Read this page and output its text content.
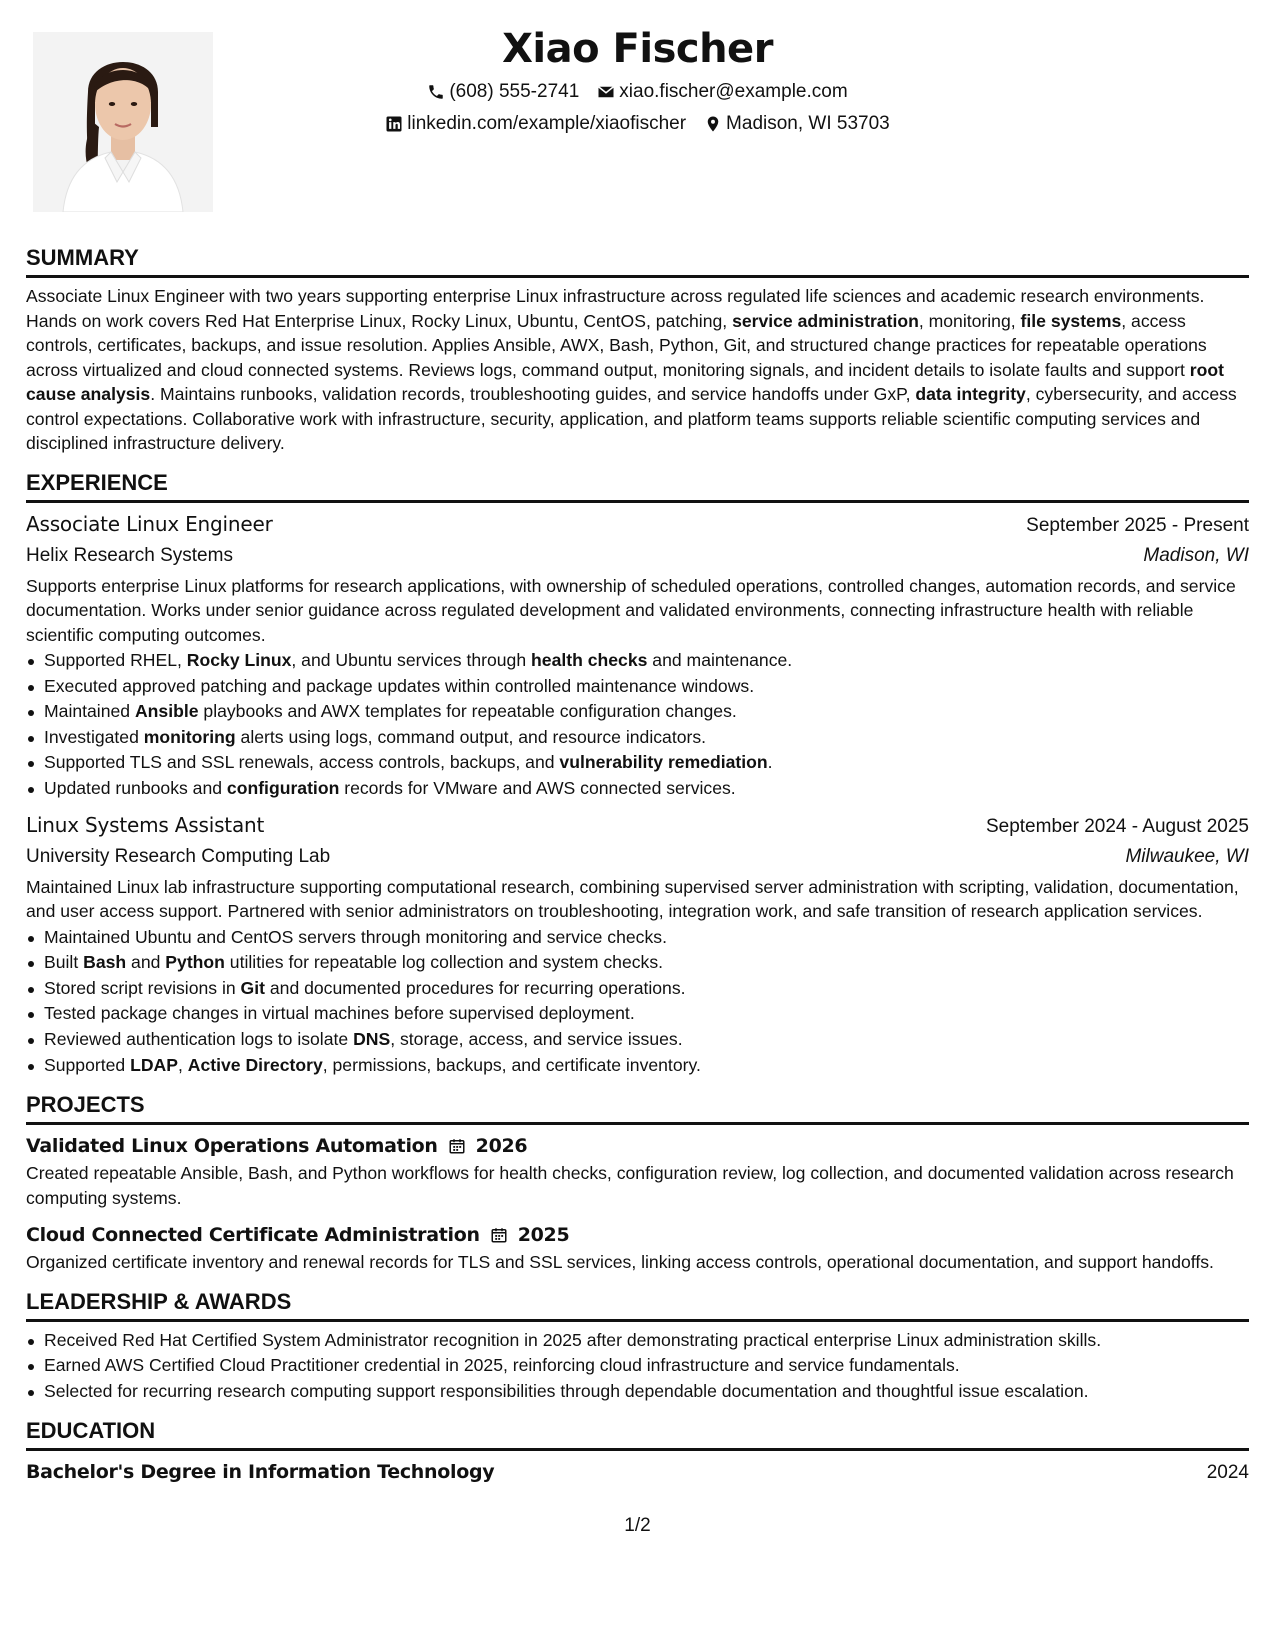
Xiao Fischer
(608) 555-2741 xiao.fischer@example.com
linkedin.com/example/xiaofischer Madison, WI 53703
SUMMARY
Associate Linux Engineer with two years supporting enterprise Linux infrastructure across regulated life sciences and academic research environments. Hands on work covers Red Hat Enterprise Linux, Rocky Linux, Ubuntu, CentOS, patching, service administration, monitoring, file systems, access controls, certificates, backups, and issue resolution. Applies Ansible, AWX, Bash, Python, Git, and structured change practices for repeatable operations across virtualized and cloud connected systems. Reviews logs, command output, monitoring signals, and incident details to isolate faults and support root cause analysis. Maintains runbooks, validation records, troubleshooting guides, and service handoffs under GxP, data integrity, cybersecurity, and access control expectations. Collaborative work with infrastructure, security, application, and platform teams supports reliable scientific computing services and disciplined infrastructure delivery.
EXPERIENCE
Associate Linux Engineer	September 2025 - Present
Helix Research Systems	Madison, WI
Supports enterprise Linux platforms for research applications, with ownership of scheduled operations, controlled changes, automation records, and service documentation. Works under senior guidance across regulated development and validated environments, connecting infrastructure health with reliable scientific computing outcomes.
Supported RHEL, Rocky Linux, and Ubuntu services through health checks and maintenance.
Executed approved patching and package updates within controlled maintenance windows.
Maintained Ansible playbooks and AWX templates for repeatable configuration changes.
Investigated monitoring alerts using logs, command output, and resource indicators.
Supported TLS and SSL renewals, access controls, backups, and vulnerability remediation.
Updated runbooks and configuration records for VMware and AWS connected services.
Linux Systems Assistant	September 2024 - August 2025
University Research Computing Lab	Milwaukee, WI
Maintained Linux lab infrastructure supporting computational research, combining supervised server administration with scripting, validation, documentation, and user access support. Partnered with senior administrators on troubleshooting, integration work, and safe transition of research application services.
Maintained Ubuntu and CentOS servers through monitoring and service checks.
Built Bash and Python utilities for repeatable log collection and system checks.
Stored script revisions in Git and documented procedures for recurring operations.
Tested package changes in virtual machines before supervised deployment.
Reviewed authentication logs to isolate DNS, storage, access, and service issues.
Supported LDAP, Active Directory, permissions, backups, and certificate inventory.
PROJECTS
Validated Linux Operations Automation 2026
Created repeatable Ansible, Bash, and Python workflows for health checks, configuration review, log collection, and documented validation across research computing systems.
Cloud Connected Certificate Administration 2025
Organized certificate inventory and renewal records for TLS and SSL services, linking access controls, operational documentation, and support handoffs.
LEADERSHIP & AWARDS
Received Red Hat Certified System Administrator recognition in 2025 after demonstrating practical enterprise Linux administration skills.
Earned AWS Certified Cloud Practitioner credential in 2025, reinforcing cloud infrastructure and service fundamentals.
Selected for recurring research computing support responsibilities through dependable documentation and thoughtful issue escalation.
EDUCATION
Bachelor's Degree in Information Technology	2024
1/2
